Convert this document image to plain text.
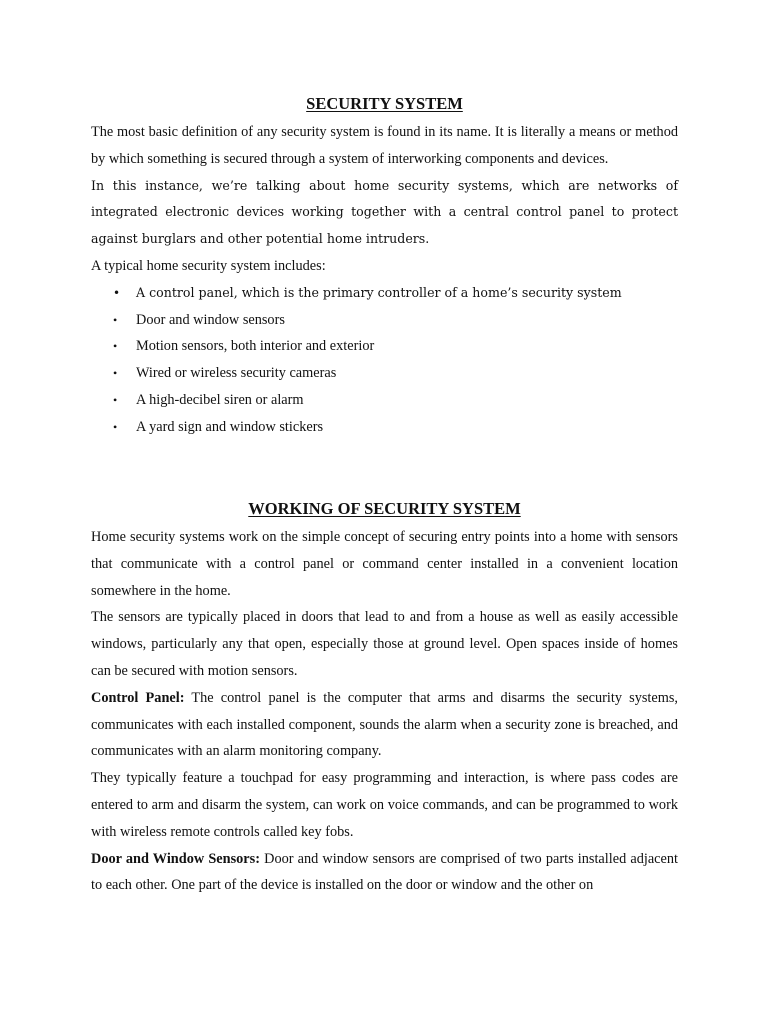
SECURITY SYSTEM

The most basic definition of any security system is found in its name. It is literally a means or method by which something is secured through a system of interworking components and devices.

In this instance, we’re talking about home security systems, which are networks of integrated electronic devices working together with a central control panel to protect against burglars and other potential home intruders.

A typical home security system includes:

• A control panel, which is the primary controller of a home’s security system
• Door and window sensors
• Motion sensors, both interior and exterior
• Wired or wireless security cameras
• A high-decibel siren or alarm
• A yard sign and window stickers
WORKING OF SECURITY SYSTEM

Home security systems work on the simple concept of securing entry points into a home with sensors that communicate with a control panel or command center installed in a convenient location somewhere in the home.

The sensors are typically placed in doors that lead to and from a house as well as easily accessible windows, particularly any that open, especially those at ground level. Open spaces inside of homes can be secured with motion sensors.

Control Panel: The control panel is the computer that arms and disarms the security systems, communicates with each installed component, sounds the alarm when a security zone is breached, and communicates with an alarm monitoring company.

They typically feature a touchpad for easy programming and interaction, is where pass codes are entered to arm and disarm the system, can work on voice commands, and can be programmed to work with wireless remote controls called key fobs.

Door and Window Sensors: Door and window sensors are comprised of two parts installed adjacent to each other. One part of the device is installed on the door or window and the other on
